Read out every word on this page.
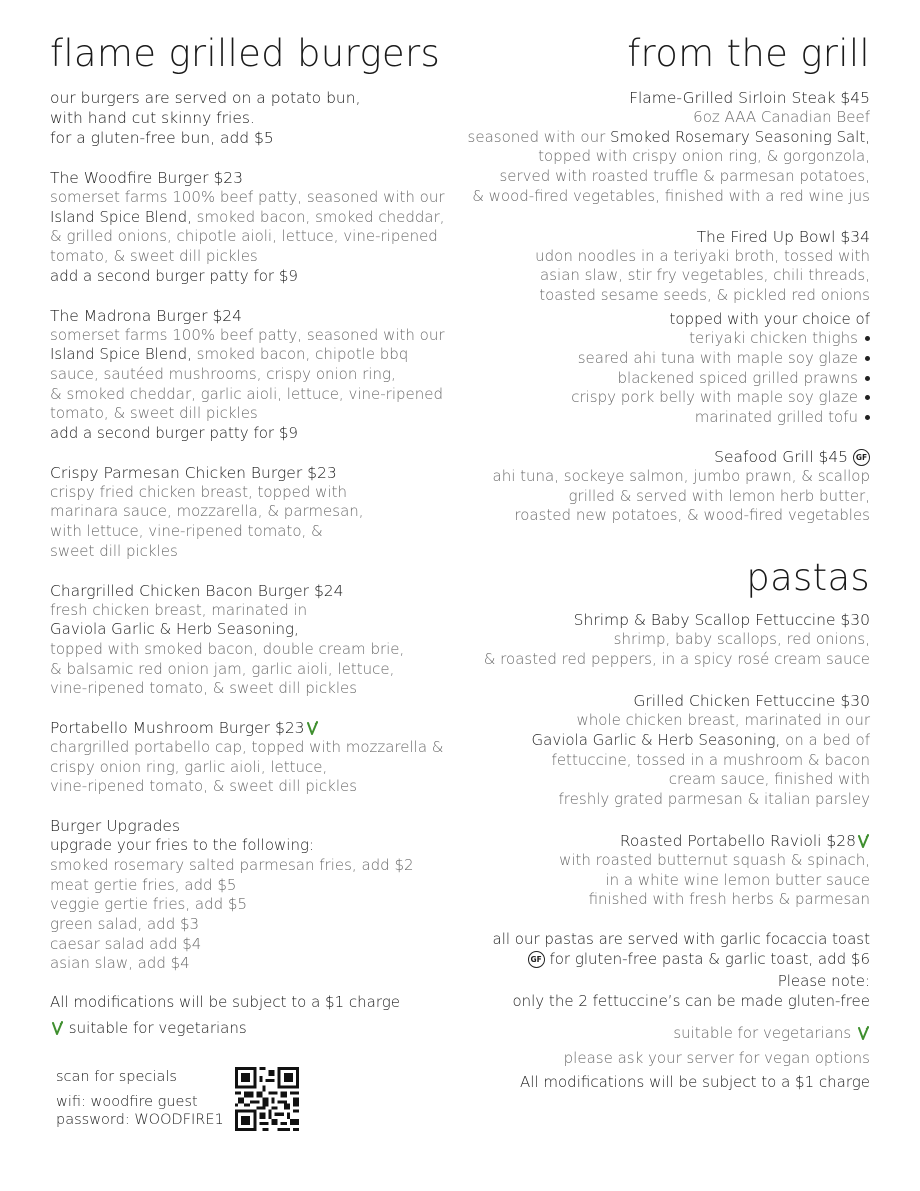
flame grilled burgers
our burgers are served on a potato bun,
with hand cut skinny fries.
for a gluten-free bun, add $5
The Woodfire Burger $23
somerset farms 100% beef patty, seasoned with our
Island Spice Blend, smoked bacon, smoked cheddar,
& grilled onions, chipotle aioli, lettuce, vine-ripened
tomato, & sweet dill pickles
add a second burger patty for $9
The Madrona Burger $24
somerset farms 100% beef patty, seasoned with our
Island Spice Blend, smoked bacon, chipotle bbq
sauce, sautéed mushrooms, crispy onion ring,
& smoked cheddar, garlic aioli, lettuce, vine-ripened
tomato, & sweet dill pickles
add a second burger patty for $9
Crispy Parmesan Chicken Burger $23
crispy fried chicken breast, topped with
marinara sauce, mozzarella, & parmesan,
with lettuce, vine-ripened tomato, &
sweet dill pickles
Chargrilled Chicken Bacon Burger $24
fresh chicken breast, marinated in
Gaviola Garlic & Herb Seasoning,
topped with smoked bacon, double cream brie,
& balsamic red onion jam, garlic aioli, lettuce,
vine-ripened tomato, & sweet dill pickles
Portabello Mushroom Burger $23
chargrilled portabello cap, topped with mozzarella &
crispy onion ring, garlic aioli, lettuce,
vine-ripened tomato, & sweet dill pickles
Burger Upgrades
upgrade your fries to the following:
smoked rosemary salted parmesan fries, add $2
meat gertie fries, add $5
veggie gertie fries, add $5
green salad, add $3
caesar salad add $4
asian slaw, add $4
All modifications will be subject to a $1 charge
suitable for vegetarians
scan for specials
wifi: woodfire guest
password: WOODFIRE1
from the grill
Flame-Grilled Sirloin Steak $45
6oz AAA Canadian Beef
seasoned with our Smoked Rosemary Seasoning Salt,
topped with crispy onion ring, & gorgonzola,
served with roasted truffle & parmesan potatoes,
& wood-fired vegetables, finished with a red wine jus
The Fired Up Bowl $34
udon noodles in a teriyaki broth, tossed with
asian slaw, stir fry vegetables, chili threads,
toasted sesame seeds, & pickled red onions
topped with your choice of
teriyaki chicken thighs
seared ahi tuna with maple soy glaze
blackened spiced grilled prawns
crispy pork belly with maple soy glaze
marinated grilled tofu
Seafood Grill $45 GF
ahi tuna, sockeye salmon, jumbo prawn, & scallop
grilled & served with lemon herb butter,
roasted new potatoes, & wood-fired vegetables
pastas
Shrimp & Baby Scallop Fettuccine $30
shrimp, baby scallops, red onions,
& roasted red peppers, in a spicy rosé cream sauce
Grilled Chicken Fettuccine $30
whole chicken breast, marinated in our
Gaviola Garlic & Herb Seasoning, on a bed of
fettuccine, tossed in a mushroom & bacon
cream sauce, finished with
freshly grated parmesan & italian parsley
Roasted Portabello Ravioli $28
with roasted butternut squash & spinach,
in a white wine lemon butter sauce
finished with fresh herbs & parmesan
all our pastas are served with garlic focaccia toast
GF for gluten-free pasta & garlic toast, add $6
Please note:
only the 2 fettuccine’s can be made gluten-free
suitable for vegetarians
please ask your server for vegan options
All modifications will be subject to a $1 charge
